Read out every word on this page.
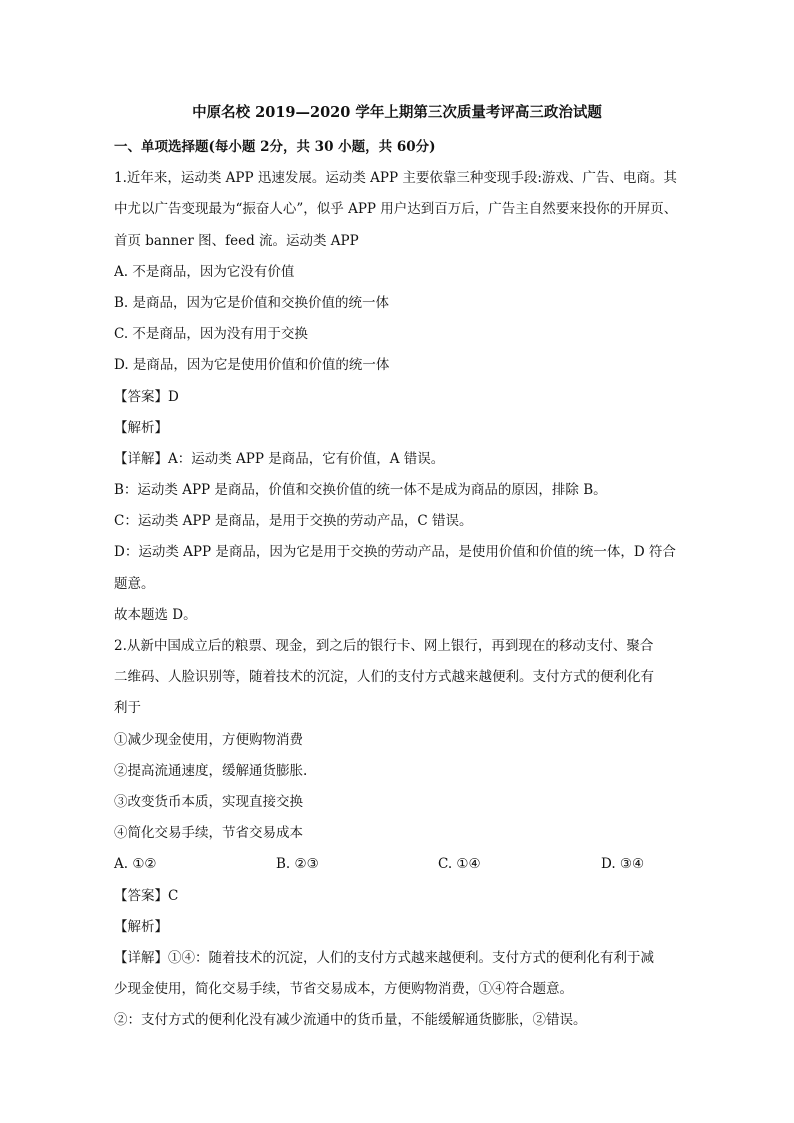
中原名校 2019—2020 学年上期第三次质量考评高三政治试题
一、单项选择题(每小题 2分，共 30 小题，共 60分)
1.近年来，运动类 APP 迅速发展。运动类 APP 主要依靠三种变现手段:游戏、广告、电商。其
中尤以广告变现最为“振奋人心”，似乎 APP 用户达到百万后，广告主自然要来投你的开屏页、
首页 banner 图、feed 流。运动类 APP
A. 不是商品，因为它没有价值
B. 是商品，因为它是价值和交换价值的统一体
C. 不是商品，因为没有用于交换
D. 是商品，因为它是使用价值和价值的统一体
【答案】D
【解析】
【详解】A：运动类 APP 是商品，它有价值，A 错误。
B：运动类 APP 是商品，价值和交换价值的统一体不是成为商品的原因，排除 B。
C：运动类 APP 是商品，是用于交换的劳动产品，C 错误。
D：运动类 APP 是商品，因为它是用于交换的劳动产品，是使用价值和价值的统一体，D 符合
题意。
故本题选 D。
2.从新中国成立后的粮票、现金，到之后的银行卡、网上银行，再到现在的移动支付、聚合
二维码、人脸识别等，随着技术的沉淀，人们的支付方式越来越便利。支付方式的便利化有
利于
①减少现金使用，方便购物消费
②提高流通速度，缓解通货膨胀.
③改变货币本质，实现直接交换
④简化交易手续，节省交易成本
A. ①②	B. ②③	C. ①④	D. ③④
【答案】C
【解析】
【详解】①④：随着技术的沉淀，人们的支付方式越来越便利。支付方式的便利化有利于减
少现金使用，简化交易手续，节省交易成本，方便购物消费，①④符合题意。
②：支付方式的便利化没有减少流通中的货币量，不能缓解通货膨胀，②错误。
